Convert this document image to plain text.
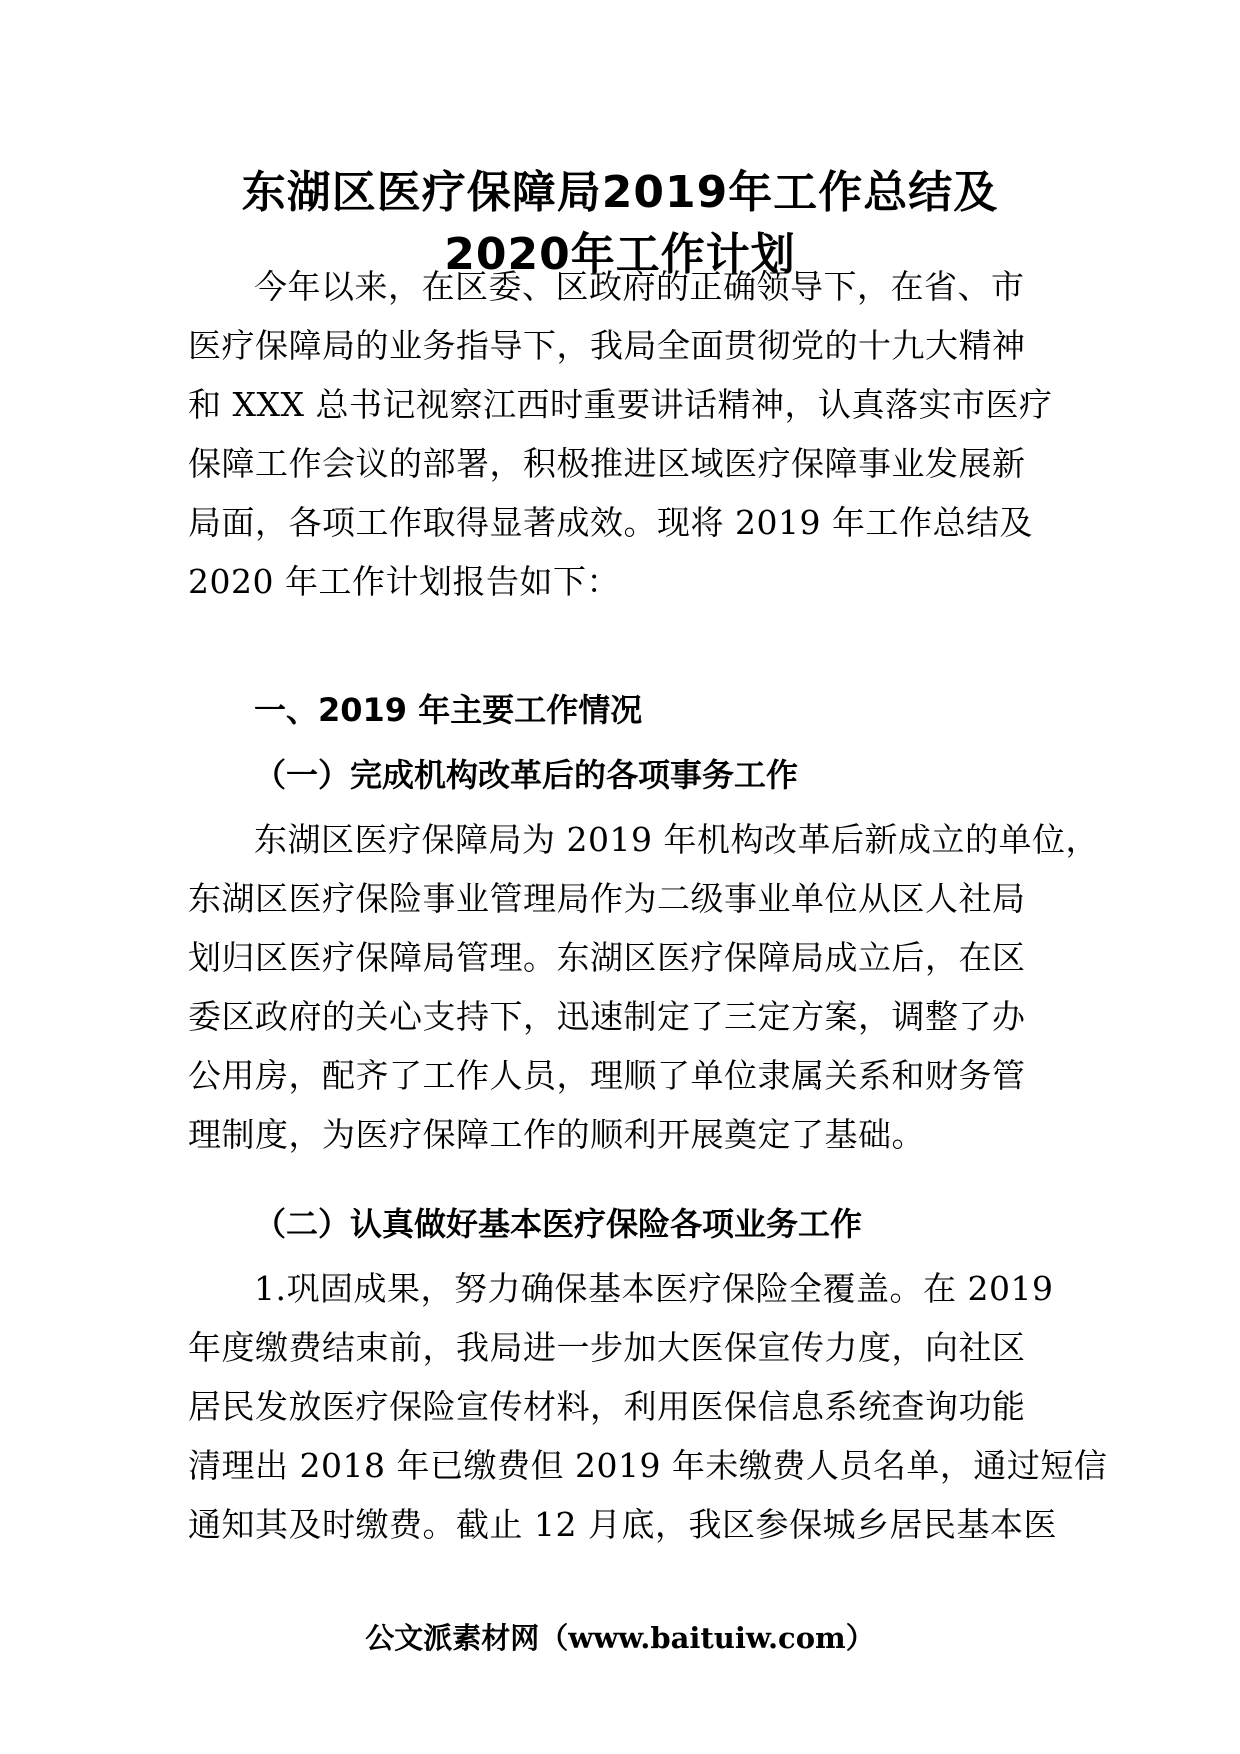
东湖区医疗保障局2019年工作总结及
2020年工作计划
今年以来，在区委、区政府的正确领导下，在省、市
医疗保障局的业务指导下，我局全面贯彻党的十九大精神
和 XXX 总书记视察江西时重要讲话精神，认真落实市医疗
保障工作会议的部署，积极推进区域医疗保障事业发展新
局面，各项工作取得显著成效。现将 2019 年工作总结及
2020 年工作计划报告如下：
一、2019 年主要工作情况
（一）完成机构改革后的各项事务工作
东湖区医疗保障局为 2019 年机构改革后新成立的单位，
东湖区医疗保险事业管理局作为二级事业单位从区人社局
划归区医疗保障局管理。东湖区医疗保障局成立后，在区
委区政府的关心支持下，迅速制定了三定方案，调整了办
公用房，配齐了工作人员，理顺了单位隶属关系和财务管
理制度，为医疗保障工作的顺利开展奠定了基础。
（二）认真做好基本医疗保险各项业务工作
1.巩固成果，努力确保基本医疗保险全覆盖。在 2019
年度缴费结束前，我局进一步加大医保宣传力度，向社区
居民发放医疗保险宣传材料，利用医保信息系统查询功能
清理出 2018 年已缴费但 2019 年未缴费人员名单，通过短信
通知其及时缴费。截止 12 月底，我区参保城乡居民基本医
公文派素材网（www.baituiw.com）
